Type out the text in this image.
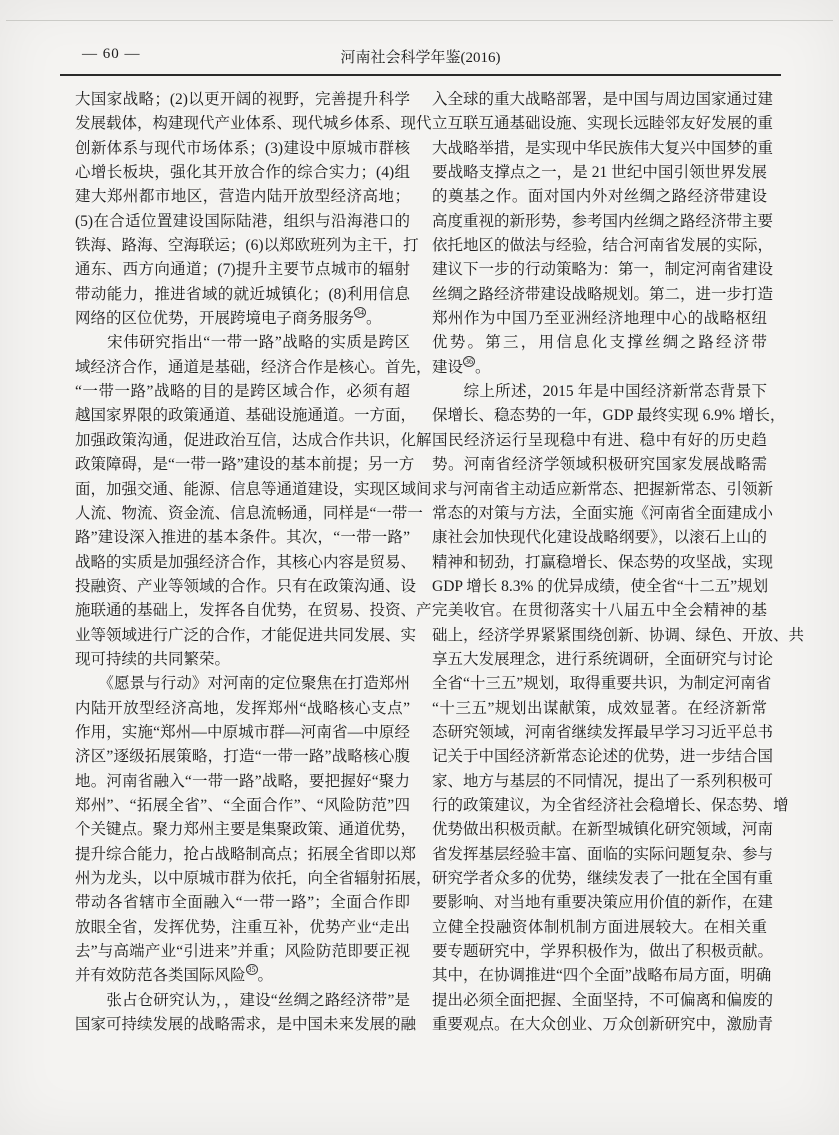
— 60 —	河南社会科学年鉴(2016)
大国家战略；(2)以更开阔的视野，完善提升科学
发展载体，构建现代产业体系、现代城乡体系、现代
创新体系与现代市场体系；(3)建设中原城市群核
心增长板块，强化其开放合作的综合实力；(4)组
建大郑州都市地区，营造内陆开放型经济高地；
(5)在合适位置建设国际陆港，组织与沿海港口的
铁海、路海、空海联运；(6)以郑欧班列为主干，打
通东、西方向通道；(7)提升主要节点城市的辐射
带动能力，推进省域的就近城镇化；(8)利用信息
网络的区位优势，开展跨境电子商务服务 $^{34}$ 。
　　宋伟研究指出“一带一路”战略的实质是跨区
域经济合作，通道是基础，经济合作是核心。首先，
“一带一路”战略的目的是跨区域合作，必须有超
越国家界限的政策通道、基础设施通道。一方面，
加强政策沟通，促进政治互信，达成合作共识，化解
政策障碍，是“一带一路”建设的基本前提；另一方
面，加强交通、能源、信息等通道建设，实现区域间
人流、物流、资金流、信息流畅通，同样是“一带一
路”建设深入推进的基本条件。其次，“一带一路”
战略的实质是加强经济合作，其核心内容是贸易、
投融资、产业等领域的合作。只有在政策沟通、设
施联通的基础上，发挥各自优势，在贸易、投资、产
业等领域进行广泛的合作，才能促进共同发展、实
现可持续的共同繁荣。
　　《愿景与行动》对河南的定位聚焦在打造郑州
内陆开放型经济高地，发挥郑州“战略核心支点”
作用，实施“郑州—中原城市群—河南省—中原经
济区”逐级拓展策略，打造“一带一路”战略核心腹
地。河南省融入“一带一路”战略，要把握好“聚力
郑州”、“拓展全省”、“全面合作”、“风险防范”四
个关键点。聚力郑州主要是集聚政策、通道优势，
提升综合能力，抢占战略制高点；拓展全省即以郑
州为龙头，以中原城市群为依托，向全省辐射拓展，
带动各省辖市全面融入“一带一路”；全面合作即
放眼全省，发挥优势，注重互补，优势产业“走出
去”与高端产业“引进来”并重；风险防范即要正视
并有效防范各类国际风险 $^{35}$ 。
　　张占仓研究认为，，建设“丝绸之路经济带”是
国家可持续发展的战略需求，是中国未来发展的融
入全球的重大战略部署，是中国与周边国家通过建
立互联互通基础设施、实现长远睦邻友好发展的重
大战略举措，是实现中华民族伟大复兴中国梦的重
要战略支撑点之一，是 21 世纪中国引领世界发展
的奠基之作。面对国内外对丝绸之路经济带建设
高度重视的新形势，参考国内丝绸之路经济带主要
依托地区的做法与经验，结合河南省发展的实际，
建议下一步的行动策略为：第一，制定河南省建设
丝绸之路经济带建设战略规划。第二，进一步打造
郑州作为中国乃至亚洲经济地理中心的战略枢纽
优势。第三，用信息化支撑丝绸之路经济带
建设 $^{36}$ 。
　　综上所述，2015 年是中国经济新常态背景下
保增长、稳态势的一年，GDP 最终实现 6.9% 增长，
国民经济运行呈现稳中有进、稳中有好的历史趋
势。河南省经济学领域积极研究国家发展战略需
求与河南省主动适应新常态、把握新常态、引领新
常态的对策与方法，全面实施《河南省全面建成小
康社会加快现代化建设战略纲要》，以滚石上山的
精神和韧劲，打赢稳增长、保态势的攻坚战，实现
GDP 增长 8.3% 的优异成绩，使全省“十二五”规划
完美收官。在贯彻落实十八届五中全会精神的基
础上，经济学界紧紧围绕创新、协调、绿色、开放、共
享五大发展理念，进行系统调研，全面研究与讨论
全省“十三五”规划，取得重要共识，为制定河南省
“十三五”规划出谋献策，成效显著。在经济新常
态研究领域，河南省继续发挥最早学习习近平总书
记关于中国经济新常态论述的优势，进一步结合国
家、地方与基层的不同情况，提出了一系列积极可
行的政策建议，为全省经济社会稳增长、保态势、增
优势做出积极贡献。在新型城镇化研究领域，河南
省发挥基层经验丰富、面临的实际问题复杂、参与
研究学者众多的优势，继续发表了一批在全国有重
要影响、对当地有重要决策应用价值的新作，在建
立健全投融资体制机制方面进展较大。在相关重
要专题研究中，学界积极作为，做出了积极贡献。
其中，在协调推进“四个全面”战略布局方面，明确
提出必须全面把握、全面坚持，不可偏离和偏废的
重要观点。在大众创业、万众创新研究中，激励青
